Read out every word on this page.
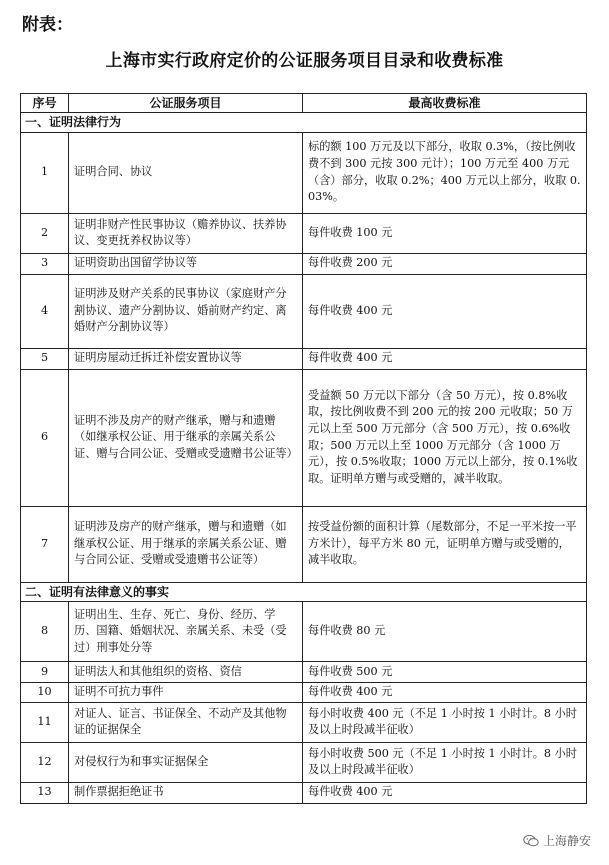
附表：
上海市实行政府定价的公证服务项目目录和收费标准
序号	公证服务项目	最高收费标准
一、证明法律行为		
1	证明合同、协议	标的额 100 万元及以下部分，收取 0.3%，（按比例收费不到 300 元按 300 元计）；100 万元至 400 万元（含）部分，收取 0.2%；400 万元以上部分，收取 0.03%。
2	证明非财产性民事协议（赡养协议、扶养协议、变更抚养权协议等）	每件收费 100 元
3	证明资助出国留学协议等	每件收费 200 元
4	证明涉及财产关系的民事协议（家庭财产分割协议、遗产分割协议、婚前财产约定、离婚财产分割协议等）	每件收费 400 元
5	证明房屋动迁拆迁补偿安置协议等	每件收费 400 元
6	证明不涉及房产的财产继承，赠与和遗赠（如继承权公证、用于继承的亲属关系公证、赠与合同公证、受赠或受遗赠书公证等）	受益额 50 万元以下部分（含 50 万元），按 0.8%收取，按比例收费不到 200 元的按 200 元收取；50 万元以上至 500 万元部分（含 500 万元），按 0.6%收取；500 万元以上至 1000 万元部分（含 1000 万元），按 0.5%收取；1000 万元以上部分，按 0.1%收取。证明单方赠与或受赠的，减半收取。
7	证明涉及房产的财产继承，赠与和遗赠（如继承权公证、用于继承的亲属关系公证、赠与合同公证、受赠或受遗赠书公证等）	按受益份额的面积计算（尾数部分，不足一平米按一平方米计），每平方米 80 元，证明单方赠与或受赠的，减半收取。
二、证明有法律意义的事实		
8	证明出生、生存、死亡、身份、经历、学历、国籍、婚姻状况、亲属关系、未受（受过）刑事处分等	每件收费 80 元
9	证明法人和其他组织的资格、资信	每件收费 500 元
10	证明不可抗力事件	每件收费 400 元
11	对证人、证言、书证保全、不动产及其他物证的证据保全	每小时收费 400 元（不足 1 小时按 1 小时计。8 小时及以上时段减半征收）
12	对侵权行为和事实证据保全	每小时收费 500 元（不足 1 小时按 1 小时计。8 小时及以上时段减半征收）
13	制作票据拒绝证书	每件收费 400 元
上海静安
